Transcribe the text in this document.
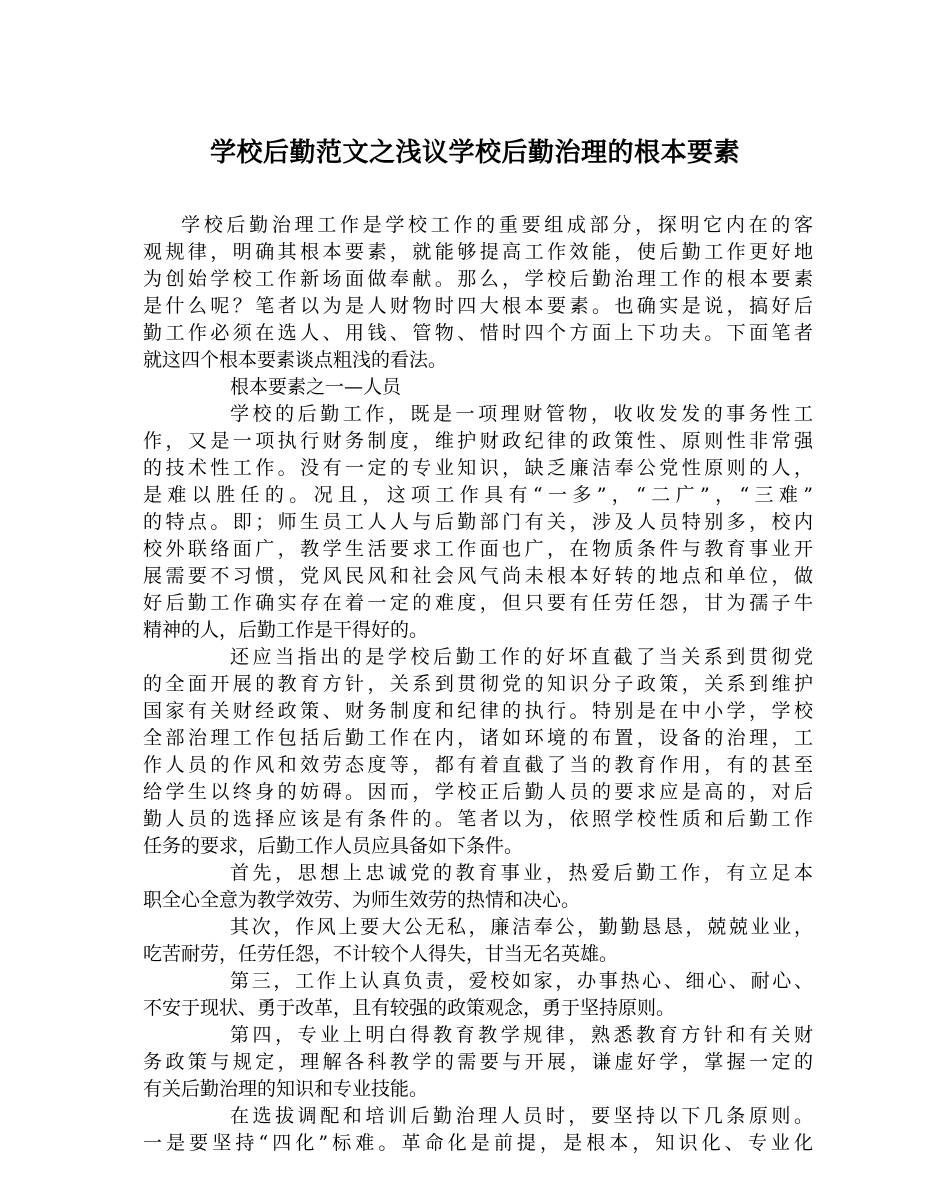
学校后勤范文之浅议学校后勤治理的根本要素
学校后勤治理工作是学校工作的重要组成部分，探明它内在的客
观规律，明确其根本要素，就能够提高工作效能，使后勤工作更好地
为创始学校工作新场面做奉献。那么，学校后勤治理工作的根本要素
是什么呢？笔者以为是人财物时四大根本要素。也确实是说，搞好后
勤工作必须在选人、用钱、管物、惜时四个方面上下功夫。下面笔者
就这四个根本要素谈点粗浅的看法。
根本要素之一—人员
学校的后勤工作，既是一项理财管物，收收发发的事务性工
作，又是一项执行财务制度，维护财政纪律的政策性、原则性非常强
的技术性工作。没有一定的专业知识，缺乏廉洁奉公党性原则的人，
是难以胜任的。况且，这项工作具有“一多”，“二广”，“三难”
的特点。即；师生员工人人与后勤部门有关，涉及人员特别多，校内
校外联络面广，教学生活要求工作面也广，在物质条件与教育事业开
展需要不习惯，党风民风和社会风气尚未根本好转的地点和单位，做
好后勤工作确实存在着一定的难度，但只要有任劳任怨，甘为孺子牛
精神的人，后勤工作是干得好的。
还应当指出的是学校后勤工作的好坏直截了当关系到贯彻党
的全面开展的教育方针，关系到贯彻党的知识分子政策，关系到维护
国家有关财经政策、财务制度和纪律的执行。特别是在中小学，学校
全部治理工作包括后勤工作在内，诸如环境的布置，设备的治理，工
作人员的作风和效劳态度等，都有着直截了当的教育作用，有的甚至
给学生以终身的妨碍。因而，学校正后勤人员的要求应是高的，对后
勤人员的选择应该是有条件的。笔者以为，依照学校性质和后勤工作
任务的要求，后勤工作人员应具备如下条件。
首先，思想上忠诚党的教育事业，热爱后勤工作，有立足本
职全心全意为教学效劳、为师生效劳的热情和决心。
其次，作风上要大公无私，廉洁奉公，勤勤恳恳，兢兢业业，
吃苦耐劳，任劳任怨，不计较个人得失，甘当无名英雄。
第三，工作上认真负责，爱校如家，办事热心、细心、耐心、
不安于现状、勇于改革，且有较强的政策观念，勇于坚持原则。
第四，专业上明白得教育教学规律，熟悉教育方针和有关财
务政策与规定，理解各科教学的需要与开展，谦虚好学，掌握一定的
有关后勤治理的知识和专业技能。
在选拔调配和培训后勤治理人员时，要坚持以下几条原则。
一是要坚持“四化”标难。革命化是前提，是根本，知识化、专业化
